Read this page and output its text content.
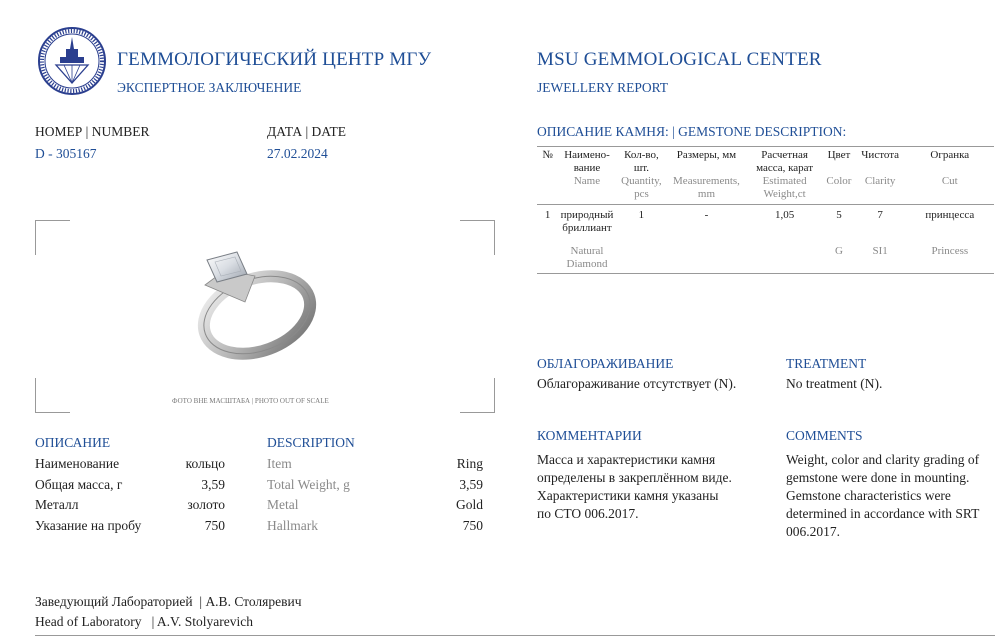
ГЕММОЛОГИЧЕСКИЙ ЦЕНТР МГУ
ЭКСПЕРТНОЕ ЗАКЛЮЧЕНИЕ
MSU GEMMOLOGICAL CENTER
JEWELLERY REPORT
НОМЕР | NUMBER
D - 305167
ДАТА | DATE
27.02.2024
ФОТО ВНЕ МАСШТАБА | PHOTO OUT OF SCALE
ОПИСАНИЕ КАМНЯ: | GEMSTONE DESCRIPTION:
№	Наимено- вание	Кол-во, шт.	Размеры, мм	Расчетная масса, карат	Цвет	Чистота	Огранка
	Name	Quantity, pcs	Measurements, mm	Estimated Weight,ct	Color	Clarity	Cut
1	природный бриллиант	1	-	1,05	5	7	принцесса
	Natural Diamond				G	SI1	Princess
ОБЛАГОРАЖИВАНИЕ
Облагораживание отсутствует (N).
TREATMENT
No treatment (N).
КОММЕНТАРИИ
Масса и характеристики камня
определены в закреплённом виде.
Характеристики камня указаны
по СТО 006.2017.
COMMENTS
Weight, color and clarity grading of
gemstone were done in mounting.
Gemstone characteristics were
determined in accordance with SRT
006.2017.
ОПИСАНИЕ	DESCRIPTION
Наименование	кольцо	Item	Ring
Общая масса, г	3,59	Total Weight, g	3,59
Металл	золото	Metal	Gold
Указание на пробу	750	Hallmark	750
Заведующий Лабораторией  | А.В. Столяревич
Head of Laboratory   | A.V. Stolyarevich
